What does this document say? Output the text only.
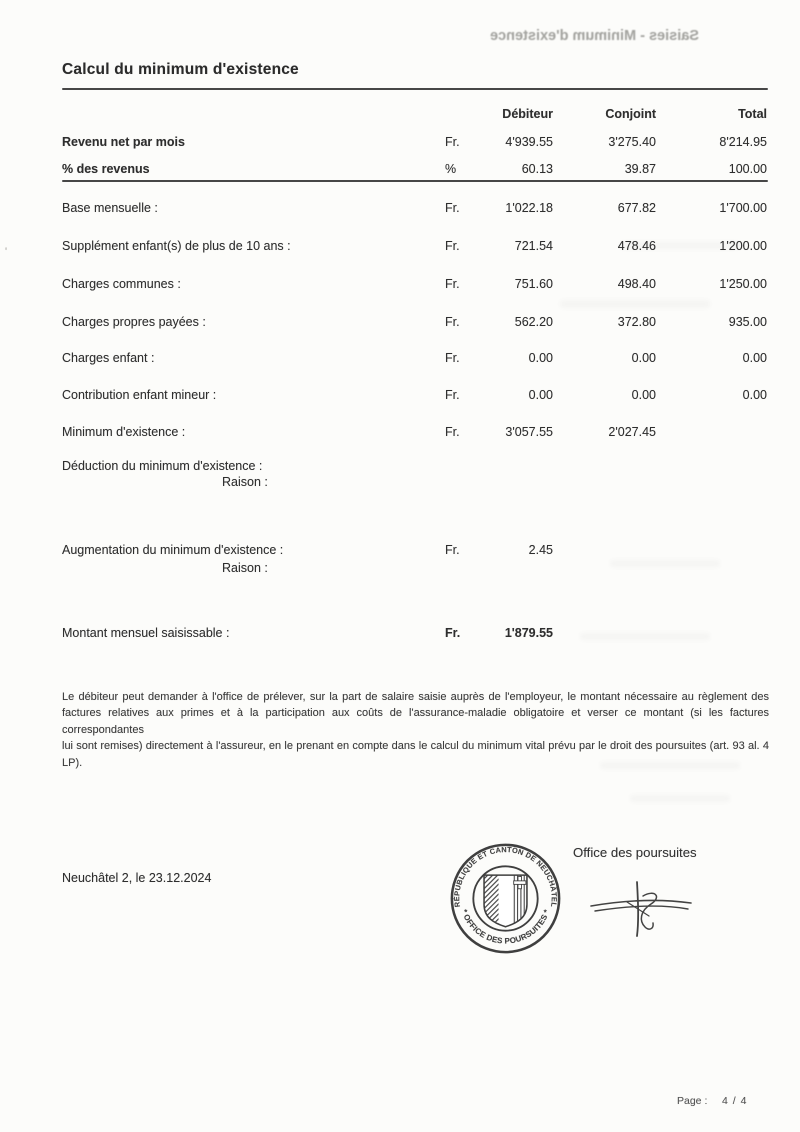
Saisies - Minimum d'existence
'
Calcul du minimum d'existence
Débiteur	Conjoint	Total
Revenu net par mois	Fr.	4'939.55	3'275.40	8'214.95
% des revenus	%	60.13	39.87	100.00
Base mensuelle :	Fr.	1'022.18	677.82	1'700.00
Supplément enfant(s) de plus de 10 ans :	Fr.	721.54	478.46	1'200.00
Charges communes :	Fr.	751.60	498.40	1'250.00
Charges propres payées :	Fr.	562.20	372.80	935.00
Charges enfant :	Fr.	0.00	0.00	0.00
Contribution enfant mineur :	Fr.	0.00	0.00	0.00
Minimum d'existence :	Fr.	3'057.55	2'027.45
Déduction du minimum d'existence :
Raison :
Augmentation du minimum d'existence :	Fr.	2.45
Raison :
Montant mensuel saisissable :	Fr.	1'879.55
Le débiteur peut demander à l'office de prélever, sur la part de salaire saisie auprès de l'employeur, le montant nécessaire au règlement des
factures relatives aux primes et à la participation aux coûts de l'assurance-maladie obligatoire et verser ce montant (si les factures correspondantes
lui sont remises) directement à l'assureur, en le prenant en compte dans le calcul du minimum vital prévu par le droit des poursuites (art. 93 al. 4
LP).
Neuchâtel 2, le 23.12.2024
RÉPUBLIQUE ET CANTON DE NEUCHÂTEL
* OFFICE DES POURSUITES *
Office des poursuites
Page : 4 / 4
